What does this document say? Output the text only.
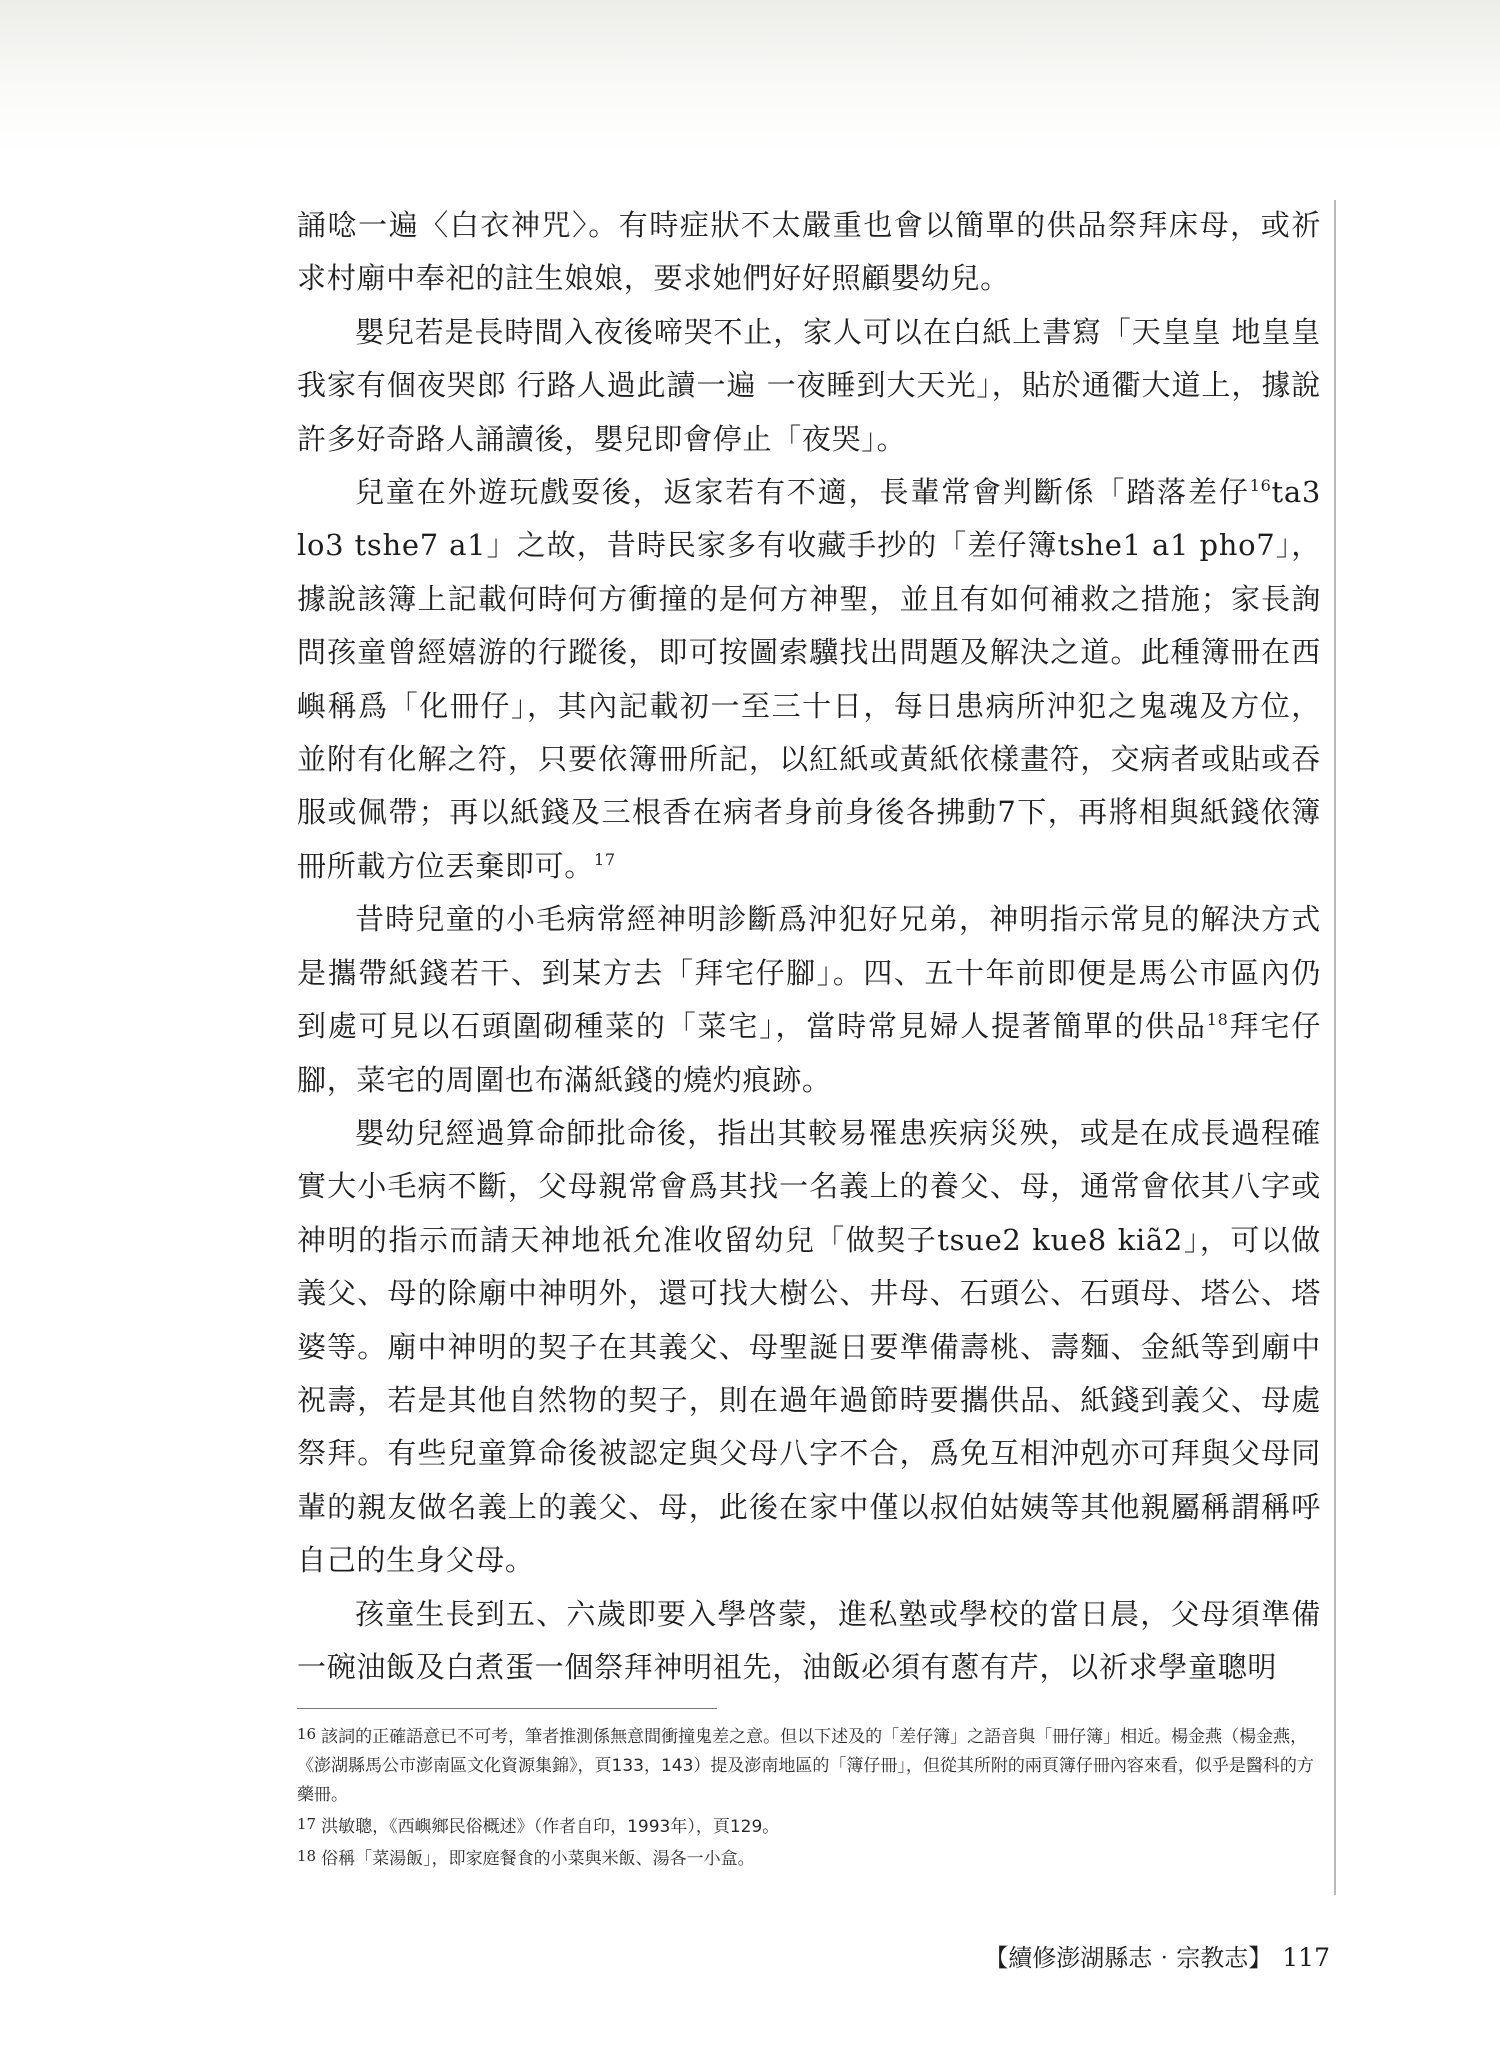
誦唸一遍〈白衣神咒〉。有時症狀不太嚴重也會以簡單的供品祭拜床母，或祈求村廟中奉祀的註生娘娘，要求她們好好照顧嬰幼兒。

嬰兒若是長時間入夜後啼哭不止，家人可以在白紙上書寫「天皇皇 地皇皇 我家有個夜哭郎 行路人過此讀一遍 一夜睡到大天光」，貼於通衢大道上，據說許多好奇路人誦讀後，嬰兒即會停止「夜哭」。

兒童在外遊玩戲耍後，返家若有不適，長輩常會判斷係「踏落差仔$^{16}$ta3 lo3 tshe7 a1」之故，昔時民家多有收藏手抄的「差仔簿tshe1 a1 pho7」，據說該簿上記載何時何方衝撞的是何方神聖，並且有如何補救之措施；家長詢問孩童曾經嬉游的行蹤後，即可按圖索驥找出問題及解決之道。此種簿冊在西嶼稱爲「化冊仔」，其內記載初一至三十日，每日患病所沖犯之鬼魂及方位，並附有化解之符，只要依簿冊所記，以紅紙或黃紙依樣畫符，交病者或貼或吞服或佩帶；再以紙錢及三根香在病者身前身後各拂動7下，再將相與紙錢依簿冊所載方位丟棄即可。$^{17}$

昔時兒童的小毛病常經神明診斷爲沖犯好兄弟，神明指示常見的解決方式是攜帶紙錢若干、到某方去「拜宅仔腳」。四、五十年前即便是馬公市區內仍到處可見以石頭圍砌種菜的「菜宅」，當時常見婦人提著簡單的供品$^{18}$拜宅仔腳，菜宅的周圍也布滿紙錢的燒灼痕跡。

嬰幼兒經過算命師批命後，指出其較易罹患疾病災殃，或是在成長過程確實大小毛病不斷，父母親常會爲其找一名義上的養父、母，通常會依其八字或神明的指示而請天神地祇允准收留幼兒「做契子tsue2 kue8 kiã2」，可以做義父、母的除廟中神明外，還可找大樹公、井母、石頭公、石頭母、塔公、塔婆等。廟中神明的契子在其義父、母聖誕日要準備壽桃、壽麵、金紙等到廟中祝壽，若是其他自然物的契子，則在過年過節時要攜供品、紙錢到義父、母處祭拜。有些兒童算命後被認定與父母八字不合，爲免互相沖剋亦可拜與父母同輩的親友做名義上的義父、母，此後在家中僅以叔伯姑姨等其他親屬稱謂稱呼自己的生身父母。

孩童生長到五、六歲即要入學啓蒙，進私塾或學校的當日晨，父母須準備一碗油飯及白煮蛋一個祭拜神明祖先，油飯必須有蔥有芹，以祈求學童聰明

16 該詞的正確語意已不可考，筆者推測係無意間衝撞鬼差之意。但以下述及的「差仔簿」之語音與「冊仔簿」相近。楊金燕（楊金燕，《澎湖縣馬公市澎南區文化資源集錦》，頁133，143）提及澎南地區的「簿仔冊」，但從其所附的兩頁簿仔冊內容來看，似乎是醫科的方藥冊。

17 洪敏聰，《西嶼鄉民俗概述》（作者自印，1993年），頁129。

18 俗稱「菜湯飯」，即家庭餐食的小菜與米飯、湯各一小盒。

【續修澎湖縣志‧宗教志】 117
